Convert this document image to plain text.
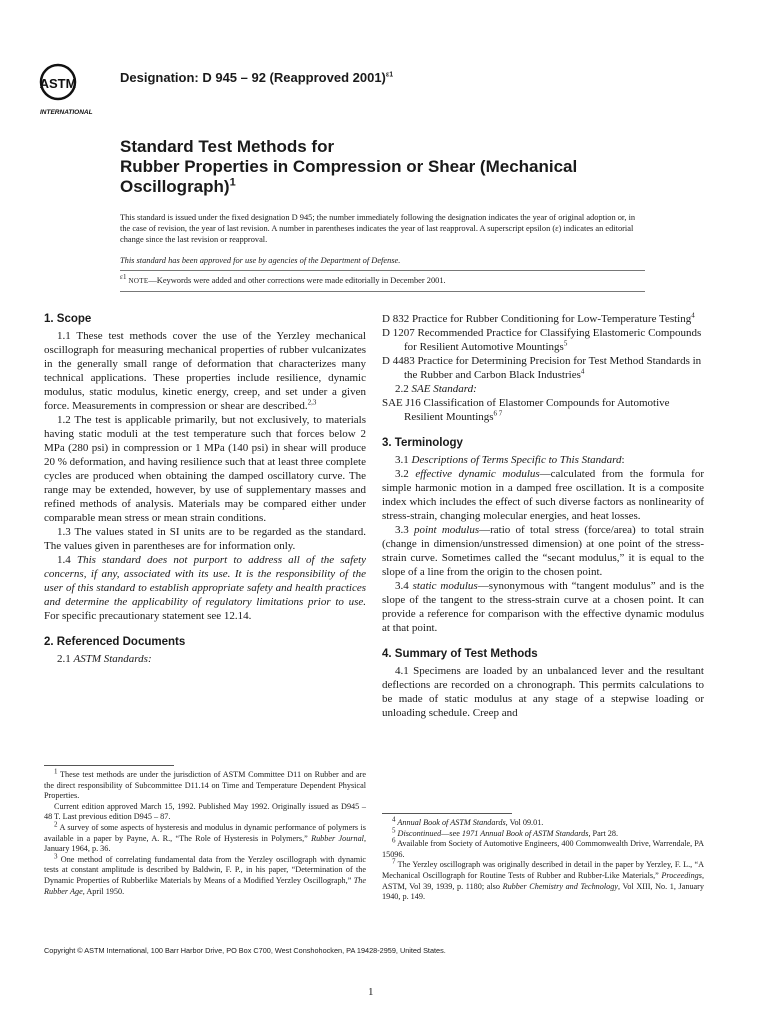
ASTM
INTERNATIONAL
Designation: D 945 – 92 (Reapproved 2001)$^{\varepsilon 1}$
Standard Test Methods for
Rubber Properties in Compression or Shear (Mechanical
Oscillograph)$^1$
This standard is issued under the fixed designation D 945; the number immediately following the designation indicates the year of original adoption or, in the case of revision, the year of last revision. A number in parentheses indicates the year of last reapproval. A superscript epsilon (ε) indicates an editorial change since the last revision or reapproval.
This standard has been approved for use by agencies of the Department of Defense.
$^{\varepsilon 1}$ NOTE—Keywords were added and other corrections were made editorially in December 2001.
1. Scope
1.1 These test methods cover the use of the Yerzley mechanical oscillograph for measuring mechanical properties of rubber vulcanizates in the generally small range of deformation that characterizes many technical applications. These properties include resilience, dynamic modulus, static modulus, kinetic energy, creep, and set under a given force. Measurements in compression or shear are described.$^{2,3}$
1.2 The test is applicable primarily, but not exclusively, to materials having static moduli at the test temperature such that forces below 2 MPa (280 psi) in compression or 1 MPa (140 psi) in shear will produce 20 % deformation, and having resilience such that at least three complete cycles are produced when obtaining the damped oscillatory curve. The range may be extended, however, by use of supplementary masses and refined methods of analysis. Materials may be compared either under comparable mean stress or mean strain conditions.
1.3 The values stated in SI units are to be regarded as the standard. The values given in parentheses are for information only.
1.4 This standard does not purport to address all of the safety concerns, if any, associated with its use. It is the responsibility of the user of this standard to establish appropriate safety and health practices and determine the applicability of regulatory limitations prior to use. For specific precautionary statement see 12.14.
2. Referenced Documents
2.1 ASTM Standards:
$^1$ These test methods are under the jurisdiction of ASTM Committee D11 on Rubber and are the direct responsibility of Subcommittee D11.14 on Time and Temperature Dependent Physical Properties.
Current edition approved March 15, 1992. Published May 1992. Originally issued as D945 – 48 T. Last previous edition D945 – 87.
$^2$ A survey of some aspects of hysteresis and modulus in dynamic performance of polymers is available in a paper by Payne, A. R., “The Role of Hysteresis in Polymers,” Rubber Journal, January 1964, p. 36.
$^3$ One method of correlating fundamental data from the Yerzley oscillograph with dynamic tests at constant amplitude is described by Baldwin, F. P., in his paper, “Determination of the Dynamic Properties of Rubberlike Materials by Means of a Modified Yerzley Oscillograph,” The Rubber Age, April 1950.
D 832 Practice for Rubber Conditioning for Low-Temperature Testing$^4$
D 1207 Recommended Practice for Classifying Elastomeric Compounds for Resilient Automotive Mountings$^5$
D 4483 Practice for Determining Precision for Test Method Standards in the Rubber and Carbon Black Industries$^4$
2.2 SAE Standard:
SAE J16 Classification of Elastomer Compounds for Automotive Resilient Mountings$^{6 7}$
3. Terminology
3.1 Descriptions of Terms Specific to This Standard:
3.2 effective dynamic modulus—calculated from the formula for simple harmonic motion in a damped free oscillation. It is a composite index which includes the effect of such diverse factors as nonlinearity of stress-strain, changing molecular energies, and heat losses.
3.3 point modulus—ratio of total stress (force/area) to total strain (change in dimension/unstressed dimension) at one point of the stress-strain curve. Sometimes called the “secant modulus,” it is equal to the slope of a line from the origin to the chosen point.
3.4 static modulus—synonymous with “tangent modulus” and is the slope of the tangent to the stress-strain curve at a chosen point. It can provide a reference for comparison with the effective dynamic modulus at that point.
4. Summary of Test Methods
4.1 Specimens are loaded by an unbalanced lever and the resultant deflections are recorded on a chronograph. This permits calculations to be made of static modulus at any stage of a stepwise loading or unloading schedule. Creep and
$^4$ Annual Book of ASTM Standards, Vol 09.01.
$^5$ Discontinued—see 1971 Annual Book of ASTM Standards, Part 28.
$^6$ Available from Society of Automotive Engineers, 400 Commonwealth Drive, Warrendale, PA 15096.
$^7$ The Yerzley oscillograph was originally described in detail in the paper by Yerzley, F. L., “A Mechanical Oscillograph for Routine Tests of Rubber and Rubber-Like Materials,” Proceedings, ASTM, Vol 39, 1939, p. 1180; also Rubber Chemistry and Technology, Vol XIII, No. 1, January 1940, p. 149.
Copyright © ASTM International, 100 Barr Harbor Drive, PO Box C700, West Conshohocken, PA 19428-2959, United States.
1
